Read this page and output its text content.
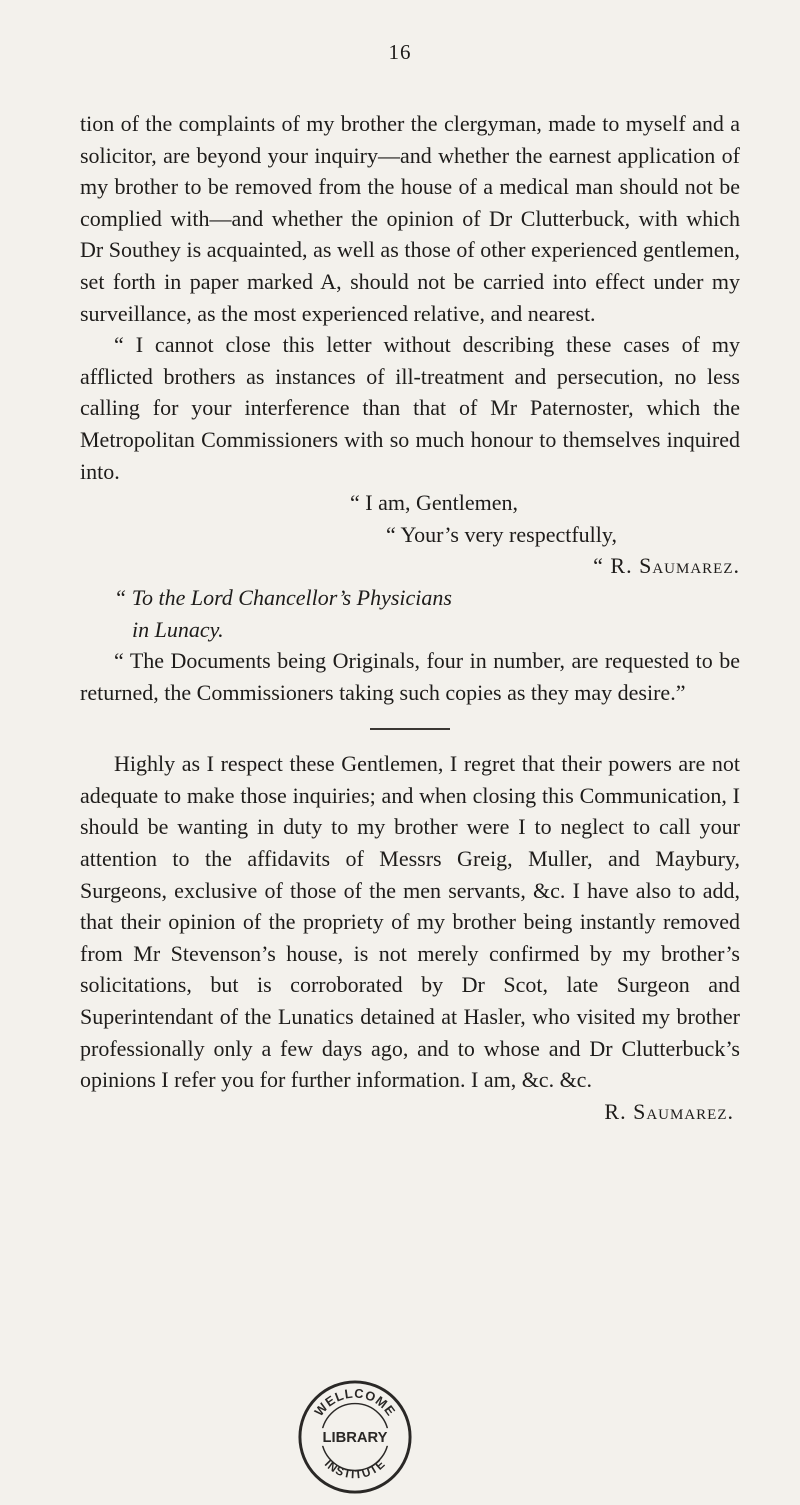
16

tion of the complaints of my brother the clergyman, made to myself and a solicitor, are beyond your inquiry—and whether the earnest application of my brother to be removed from the house of a medical man should not be complied with—and whether the opinion of Dr Clutterbuck, with which Dr Southey is acquainted, as well as those of other experienced gentlemen, set forth in paper marked A, should not be carried into effect under my surveillance, as the most experienced relative, and nearest.

“ I cannot close this letter without describing these cases of my afflicted brothers as instances of ill-treatment and persecution, no less calling for your interference than that of Mr Paternoster, which the Metropolitan Commissioners with so much honour to themselves inquired into.

“ I am, Gentlemen,

“ Your’s very respectfully,

“ R. Saumarez.

“ To the Lord Chancellor’s Physicians

in Lunacy.

“ The Documents being Originals, four in number, are requested to be returned, the Commissioners taking such copies as they may desire.”

Highly as I respect these Gentlemen, I regret that their powers are not adequate to make those inquiries; and when closing this Communication, I should be wanting in duty to my brother were I to neglect to call your attention to the affidavits of Messrs Greig, Muller, and Maybury, Surgeons, exclusive of those of the men servants, &c. I have also to add, that their opinion of the propriety of my brother being instantly removed from Mr Stevenson’s house, is not merely confirmed by my brother’s solicitations, but is corroborated by Dr Scot, late Surgeon and Superintendant of the Lunatics detained at Hasler, who visited my brother professionally only a few days ago, and to whose and Dr Clutterbuck’s opinions I refer you for further information. I am, &c. &c.

R. Saumarez.

WELLCOME
LIBRARY
INSTITUTE
